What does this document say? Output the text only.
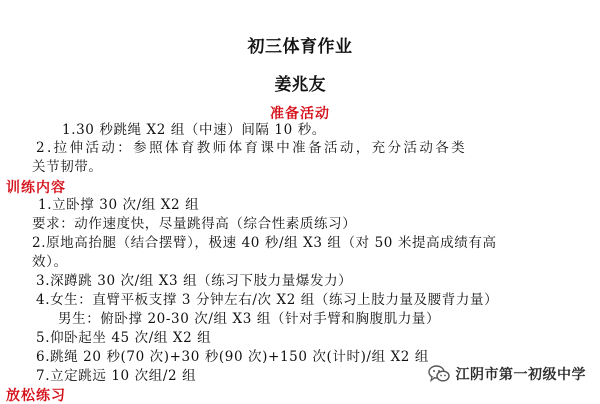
初三体育作业
姜兆友
准备活动
1.30 秒跳绳 X2 组（中速）间隔 10 秒。
2.拉伸活动：参照体育教师体育课中准备活动，充分活动各类
关节韧带。
训练内容
1.立卧撑 30 次/组 X2 组
要求：动作速度快，尽量跳得高（综合性素质练习）
2.原地高抬腿（结合摆臂），极速 40 秒/组 X3 组（对 50 米提高成绩有高
效）。
3.深蹲跳 30 次/组 X3 组（练习下肢力量爆发力）
4.女生：直臂平板支撑 3 分钟左右/次 X2 组（练习上肢力量及腰背力量）
男生：俯卧撑 20-30 次/组 X3 组（针对手臂和胸腹肌力量）
5.仰卧起坐 45 次/组 X2 组
6.跳绳 20 秒(70 次)+30 秒(90 次)+150 次(计时)/组 X2 组
7.立定跳远 10 次组/2 组
放松练习
江阴市第一初级中学
